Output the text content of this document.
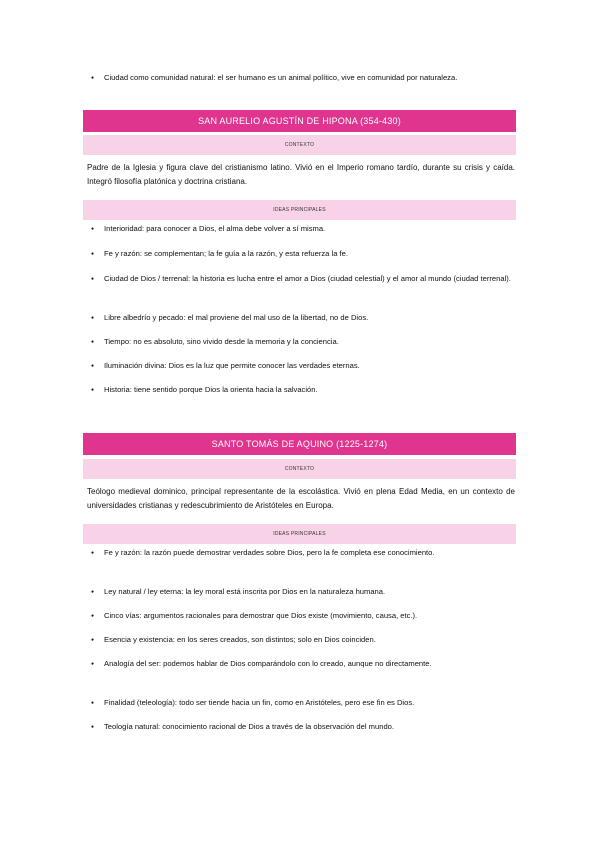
● Ciudad como comunidad natural: el ser humano es un animal político, vive en comunidad por naturaleza.
SAN AURELIO AGUSTÍN DE HIPONA (354-430)
CONTEXTO
Padre de la Iglesia y figura clave del cristianismo latino. Vivió en el Imperio romano tardío, durante su crisis y caída. Integró filosofía platónica y doctrina cristiana.
IDEAS PRINCIPALES
● Interioridad: para conocer a Dios, el alma debe volver a sí misma.
● Fe y razón: se complementan; la fe guía a la razón, y esta refuerza la fe.
● Ciudad de Dios / terrenal: la historia es lucha entre el amor a Dios (ciudad celestial) y el amor al mundo (ciudad terrenal).
● Libre albedrío y pecado: el mal proviene del mal uso de la libertad, no de Dios.
● Tiempo: no es absoluto, sino vivido desde la memoria y la conciencia.
● Iluminación divina: Dios es la luz que permite conocer las verdades eternas.
● Historia: tiene sentido porque Dios la orienta hacia la salvación.
SANTO TOMÁS DE AQUINO (1225-1274)
CONTEXTO
Teólogo medieval dominico, principal representante de la escolástica. Vivió en plena Edad Media, en un contexto de universidades cristianas y redescubrimiento de Aristóteles en Europa.
IDEAS PRINCIPALES
● Fe y razón: la razón puede demostrar verdades sobre Dios, pero la fe completa ese conocimiento.
● Ley natural / ley eterna: la ley moral está inscrita por Dios en la naturaleza humana.
● Cinco vías: argumentos racionales para demostrar que Dios existe (movimiento, causa, etc.).
● Esencia y existencia: en los seres creados, son distintos; solo en Dios coinciden.
● Analogía del ser: podemos hablar de Dios comparándolo con lo creado, aunque no directamente.
● Finalidad (teleología): todo ser tiende hacia un fin, como en Aristóteles, pero ese fin es Dios.
● Teología natural: conocimiento racional de Dios a través de la observación del mundo.
